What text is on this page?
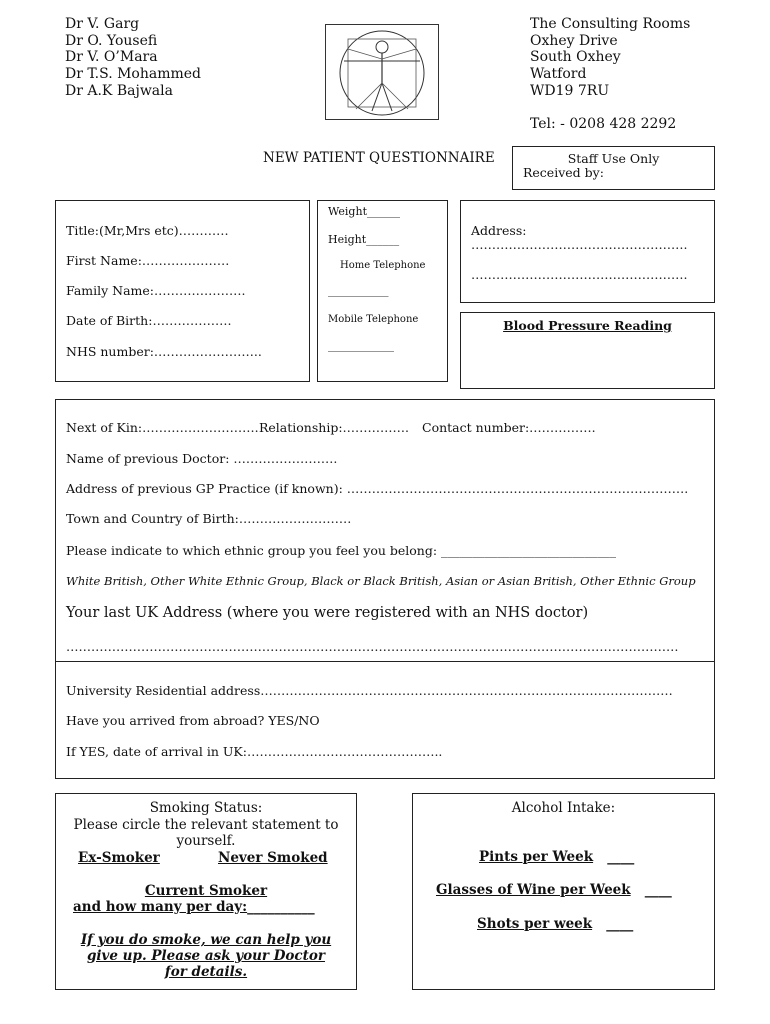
Dr V. Garg
Dr O. Yousefi
Dr V. O’Mara
Dr T.S. Mohammed
Dr A.K Bajwala
The Consulting Rooms
Oxhey Drive
South Oxhey
Watford
WD19 7RU
Tel: - 0208 428 2292
NEW PATIENT QUESTIONNAIRE	Staff Use Only
Received by:
Title:(Mr,Mrs etc)…………
First Name:…………………
Family Name:………………….
Date of Birth:……………….
NHS number:……………………..
Weight______
Height______
Home Telephone
___________
Mobile Telephone
____________
Address:
…………………………………………….
…………………………………………….
Blood Pressure Reading
Next of Kin:………………………. Relationship:……………. Contact number:…………….
Name of previous Doctor: …………………….
Address of previous GP Practice (if known): ……………………………………………………………………….
Town and Country of Birth:………………………
Please indicate to which ethnic group you feel you belong: ____________________________
White British, Other White Ethnic Group, Black or Black British, Asian or Asian British, Other Ethnic Group
Your last UK Address (where you were registered with an NHS doctor)
…………………………………………………………………………………………………………………………………
University Residential address………………………………………………………………………………………
Have you arrived from abroad? YES/NO
If YES, date of arrival in UK:………………………………………..
Smoking Status:
Please circle the relevant statement to
yourself.
Ex-Smoker	Never Smoked
Current Smoker
and how many per day:__________
If you do smoke, we can help you
give up. Please ask your Doctor
for details.
Alcohol Intake:
Pints per Week ____
Glasses of Wine per Week ____
Shots per week ____
